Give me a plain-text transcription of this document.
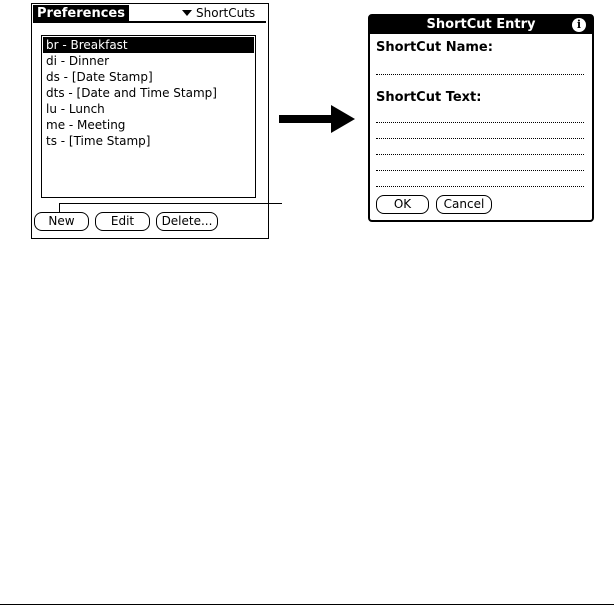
Preferences	ShortCuts
br - Breakfast
di - Dinner
ds - [Date Stamp]
dts - [Date and Time Stamp]
lu - Lunch
me - Meeting
ts - [Time Stamp]
New	Edit	Delete...
ShortCut Entry	i
ShortCut Name:
ShortCut Text:
OK	Cancel
